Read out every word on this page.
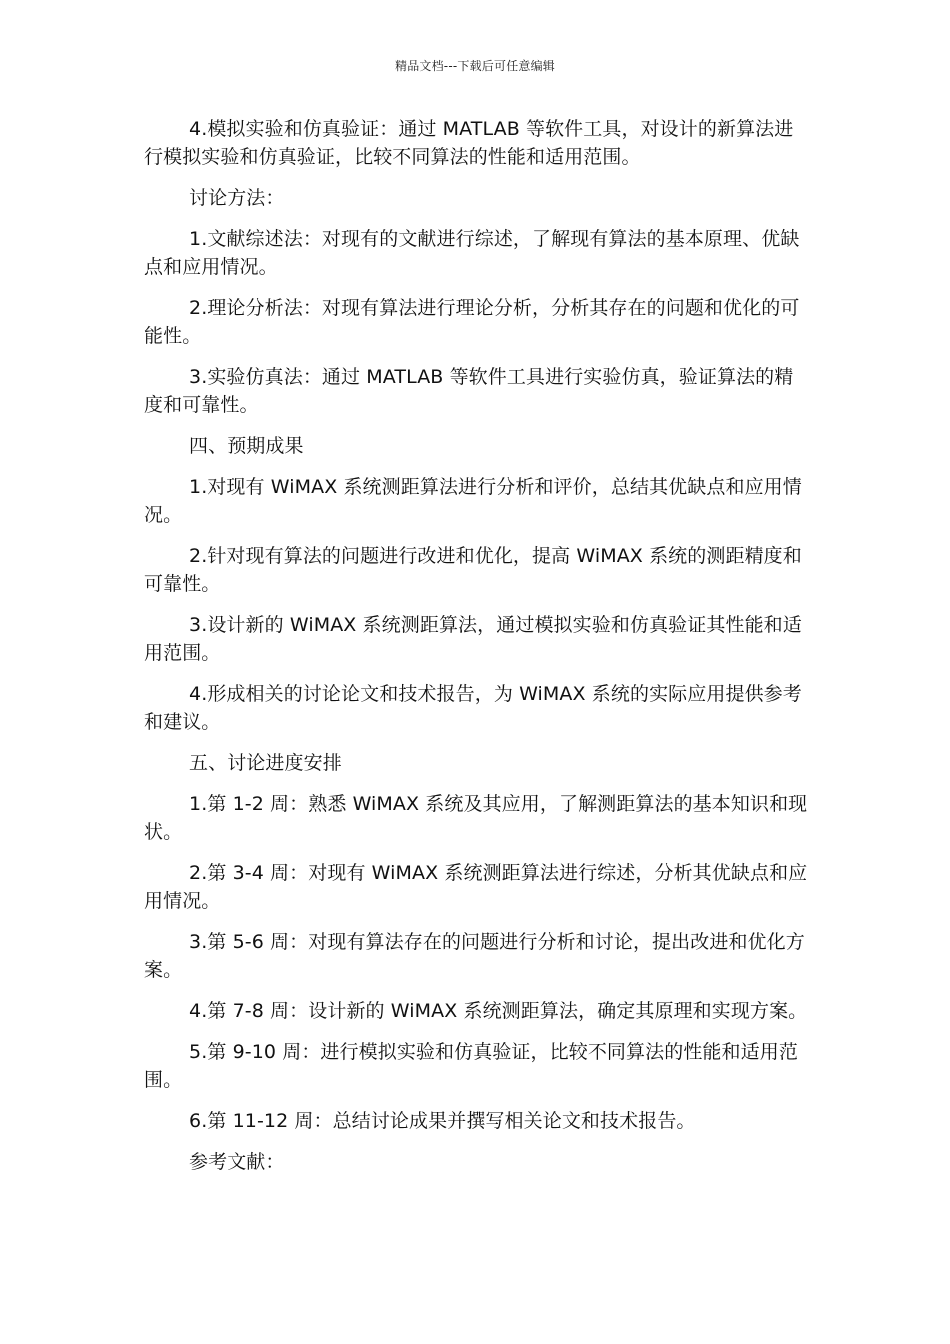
精品文档---下载后可任意编辑

4.模拟实验和仿真验证：通过 MATLAB 等软件工具，对设计的新算法进行模拟实验和仿真验证，比较不同算法的性能和适用范围。

讨论方法：

1.文献综述法：对现有的文献进行综述，了解现有算法的基本原理、优缺点和应用情况。

2.理论分析法：对现有算法进行理论分析，分析其存在的问题和优化的可能性。

3.实验仿真法：通过 MATLAB 等软件工具进行实验仿真，验证算法的精度和可靠性。

四、预期成果

1.对现有 WiMAX 系统测距算法进行分析和评价，总结其优缺点和应用情况。

2.针对现有算法的问题进行改进和优化，提高 WiMAX 系统的测距精度和可靠性。

3.设计新的 WiMAX 系统测距算法，通过模拟实验和仿真验证其性能和适用范围。

4.形成相关的讨论论文和技术报告，为 WiMAX 系统的实际应用提供参考和建议。

五、讨论进度安排

1.第 1-2 周：熟悉 WiMAX 系统及其应用，了解测距算法的基本知识和现状。

2.第 3-4 周：对现有 WiMAX 系统测距算法进行综述，分析其优缺点和应用情况。

3.第 5-6 周：对现有算法存在的问题进行分析和讨论，提出改进和优化方案。

4.第 7-8 周：设计新的 WiMAX 系统测距算法，确定其原理和实现方案。

5.第 9-10 周：进行模拟实验和仿真验证，比较不同算法的性能和适用范围。

6.第 11-12 周：总结讨论成果并撰写相关论文和技术报告。

参考文献：
